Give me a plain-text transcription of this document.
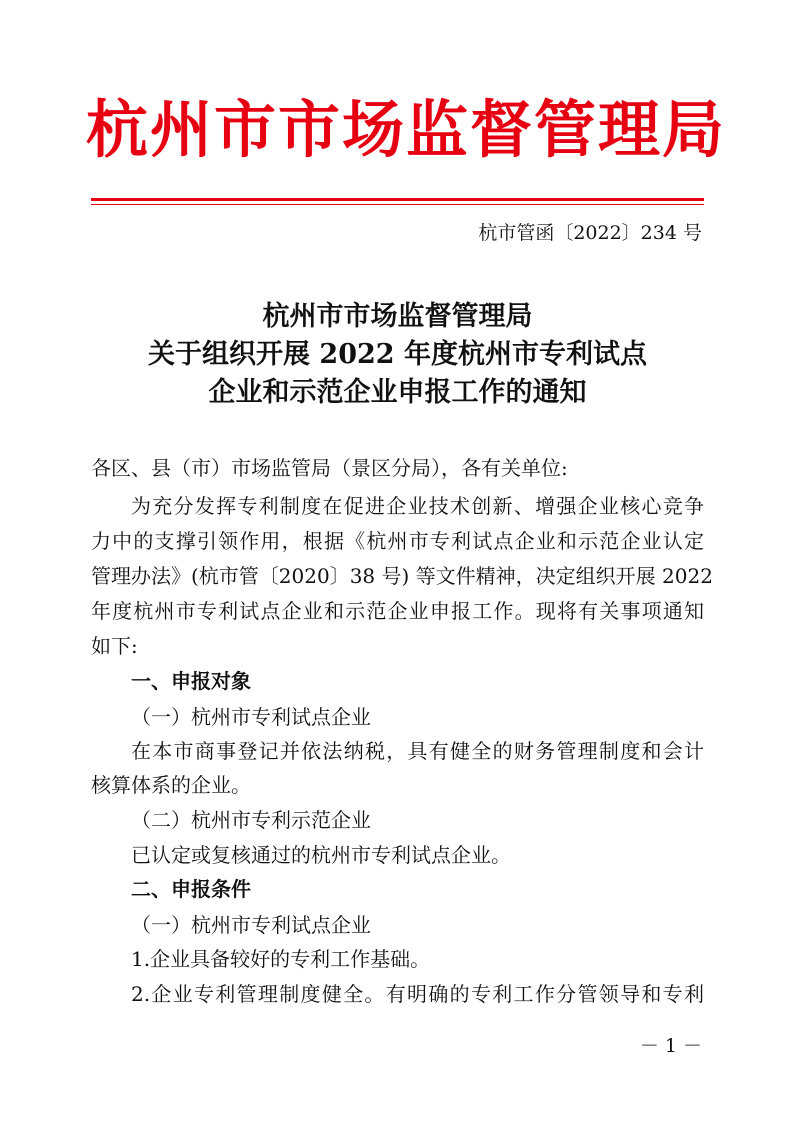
杭州市市场监督管理局
杭市管函〔2022〕234 号
杭州市市场监督管理局
关于组织开展 2022 年度杭州市专利试点
企业和示范企业申报工作的通知
各区、县（市）市场监管局（景区分局），各有关单位:
为充分发挥专利制度在促进企业技术创新、增强企业核心竞争
力中的支撑引领作用，根据《杭州市专利试点企业和示范企业认定
管理办法》(杭市管〔2020〕38 号) 等文件精神，决定组织开展 2022
年度杭州市专利试点企业和示范企业申报工作。现将有关事项通知
如下:
一、申报对象
（一）杭州市专利试点企业
在本市商事登记并依法纳税，具有健全的财务管理制度和会计
核算体系的企业。
（二）杭州市专利示范企业
已认定或复核通过的杭州市专利试点企业。
二、申报条件
（一）杭州市专利试点企业
1.企业具备较好的专利工作基础。
2.企业专利管理制度健全。有明确的专利工作分管领导和专利
－ 1 －
